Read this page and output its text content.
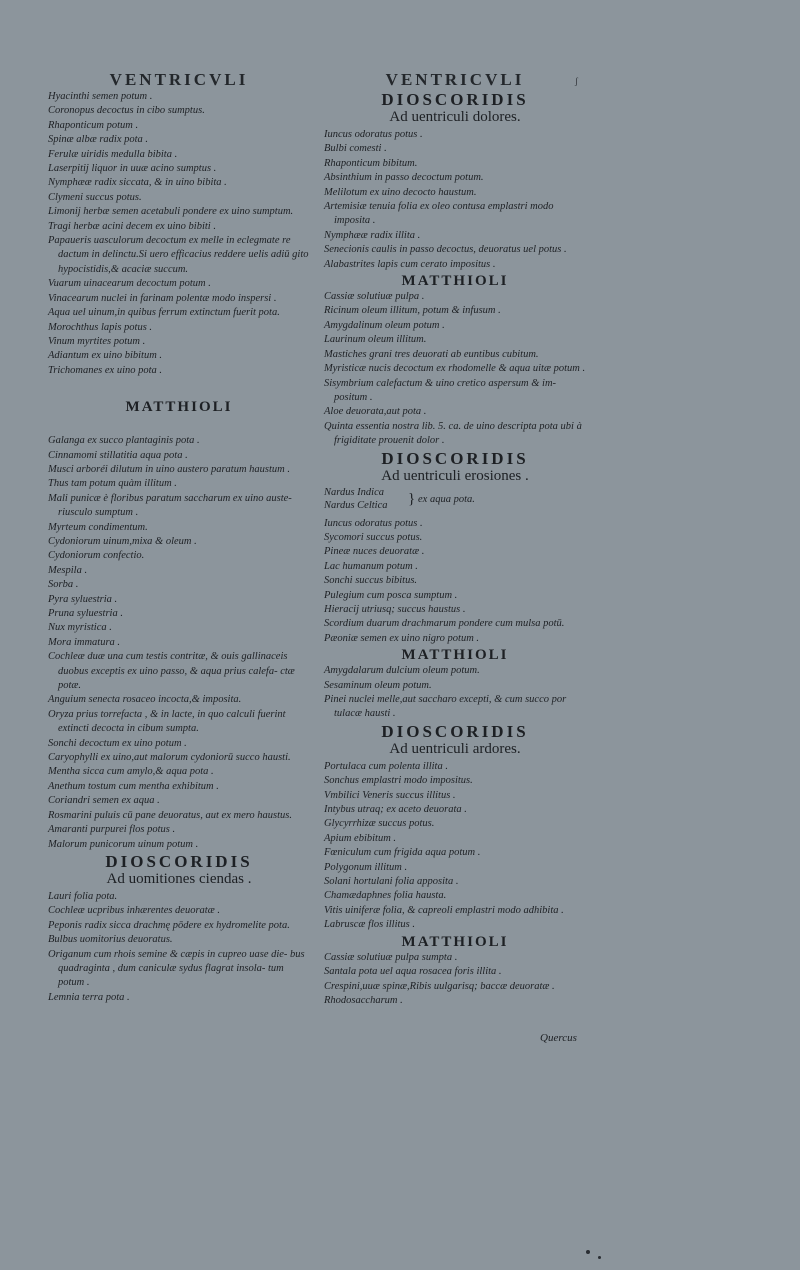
ʃ
VENTRICVLI
Hyacinthi semen potum .
Coronopus decoctus in cibo sumptus.
Rhaponticum potum .
Spinæ albæ radix pota .
Ferulæ uiridis medulla bibita .
Laserpitij liquor in uuæ acino sumptus .
Nymphææ radix siccata, & in uino bibita .
Clymeni succus potus.
Limonij herbæ semen acetabuli pondere ex uino sumptum.
Tragi herbæ acini decem ex uino bibiti .
Papaueris uasculorum decoctum ex melle in eclegmate re dactum in delinctu.Si uero efficacius reddere uelis adiū gito hypocistidis,& acaciæ succum.
Vuarum uinacearum decoctum potum .
Vinacearum nuclei in farinam polentæ modo inspersi .
Aqua uel uinum,in quibus ferrum extinctum fuerit pota.
Morochthus lapis potus .
Vinum myrtites potum .
Adiantum ex uino bibitum .
Trichomanes ex uino pota .
MATTHIOLI
Galanga ex succo plantaginis pota .
Cinnamomi stillatitia aqua pota .
Musci arboréi dilutum in uino austero paratum haustum .
Thus tam potum quàm illitum .
Mali punicæ è floribus paratum saccharum ex uino auste- riusculo sumptum .
Myrteum condimentum.
Cydoniorum uinum,mixa & oleum .
Cydoniorum confectio.
Mespila .
Sorba .
Pyra syluestria .
Pruna syluestria .
Nux myristica .
Mora immatura .
Cochleæ duæ una cum testis contritæ, & ouis gallinaceis duobus exceptis ex uino passo, & aqua prius calefa- ctæ potæ.
Anguium senecta rosaceo incocta,& imposita.
Oryza prius torrefacta , & in lacte, in quo calculi fuerint extincti decocta in cibum sumpta.
Sonchi decoctum ex uino potum .
Caryophylli ex uino,aut malorum cydoniorū succo hausti.
Mentha sicca cum amylo,& aqua pota .
Anethum tostum cum mentha exhibitum .
Coriandri semen ex aqua .
Rosmarini puluis cū pane deuoratus, aut ex mero haustus.
Amaranti purpurei flos potus .
Malorum punicorum uinum potum .
DIOSCORIDIS

Ad uomitiones ciendas .

Lauri folia pota.
Cochleæ ucpribus inhærentes deuoratæ .
Peponis radix sicca drachmę pōdere ex hydromelite pota.
Bulbus uomitorius deuoratus.
Origanum cum rhois semine & cæpis in cupreo uase die- bus quadraginta , dum caniculæ sydus flagrat insola- tum potum .
Lemnia terra pota .
VENTRICVLI
DIOSCORIDIS

Ad uentriculi dolores.

Iuncus odoratus potus .
Bulbi comesti .
Rhaponticum bibitum.
Absinthium in passo decoctum potum.
Melilotum ex uino decocto haustum.
Artemisiæ tenuia folia ex oleo contusa emplastri modo imposita .
Nymphææ radix illita .
Senecionis caulis in passo decoctus, deuoratus uel potus .
Alabastrites lapis cum cerato impositus .
MATTHIOLI
Cassiæ solutiuæ pulpa .
Ricinum oleum illitum, potum & infusum .
Amygdalinum oleum potum .
Laurinum oleum illitum.
Mastiches grani tres deuorati ab euntibus cubitum.
Myristicæ nucis decoctum ex rhodomelle & aqua uitæ potum .
Sisymbrium calefactum & uino cretico aspersum & im- positum .
Aloe deuorata,aut pota .
Quinta essentia nostra lib. 5. ca. de uino descripta pota ubi à frigiditate prouenit dolor .
DIOSCORIDIS

Ad uentriculi erosiones .

Nardus Indica
Nardus Celtica } ex aqua pota.
Iuncus odoratus potus .
Sycomori succus potus.
Pineæ nuces deuoratæ .
Lac humanum potum .
Sonchi succus bibitus.
Pulegium cum posca sumptum .
Hieracij utriusq; succus haustus .
Scordium duarum drachmarum pondere cum mulsa potū.
Pæoniæ semen ex uino nigro potum .
MATTHIOLI
Amygdalarum dulcium oleum potum.
Sesaminum oleum potum.
Pinei nuclei melle,aut saccharo excepti, & cum succo por tulacæ hausti .
DIOSCORIDIS

Ad uentriculi ardores.

Portulaca cum polenta illita .
Sonchus emplastri modo impositus.
Vmbilici Veneris succus illitus .
Intybus utraq; ex aceto deuorata .
Glycyrrhizæ succus potus.
Apium ebibitum .
Fœniculum cum frigida aqua potum .
Polygonum illitum .
Solani hortulani folia apposita .
Chamædaphnes folia hausta.
Vitis uiniferæ folia, & capreoli emplastri modo adhibita .
Labruscæ flos illitus .
MATTHIOLI
Cassiæ solutiuæ pulpa sumpta .
Santala pota uel aqua rosacea foris illita .
Crespini,uuæ spinæ,Ribis uulgarisq; baccæ deuoratæ .
Rhodosaccharum .
Quercus
